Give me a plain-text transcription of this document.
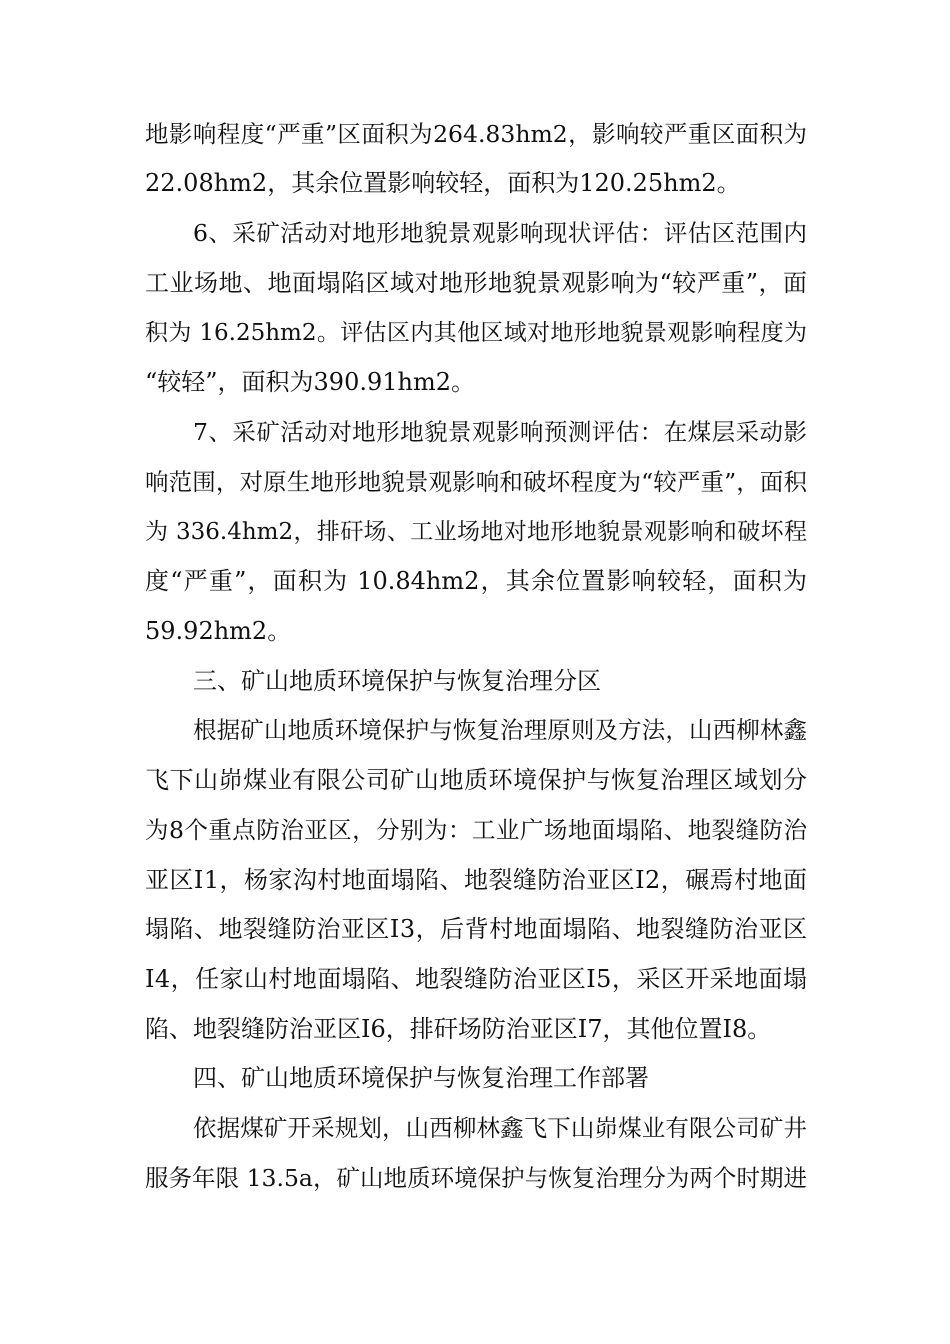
地影响程度“严重”区面积为264.83hm2，影响较严重区面积为
22.08hm2，其余位置影响较轻，面积为120.25hm2。
6、采矿活动对地形地貌景观影响现状评估：评估区范围内
工业场地、地面塌陷区域对地形地貌景观影响为“较严重”，面
积为 16.25hm2。评估区内其他区域对地形地貌景观影响程度为
“较轻”，面积为390.91hm2。
7、采矿活动对地形地貌景观影响预测评估：在煤层采动影
响范围，对原生地形地貌景观影响和破坏程度为“较严重”，面积
为 336.4hm2，排矸场、工业场地对地形地貌景观影响和破坏程
度“严重”，面积为 10.84hm2，其余位置影响较轻，面积为
59.92hm2。
三、矿山地质环境保护与恢复治理分区
根据矿山地质环境保护与恢复治理原则及方法，山西柳林鑫
飞下山峁煤业有限公司矿山地质环境保护与恢复治理区域划分
为8个重点防治亚区，分别为：工业广场地面塌陷、地裂缝防治
亚区Ⅰ1，杨家沟村地面塌陷、地裂缝防治亚区Ⅰ2，碾焉村地面
塌陷、地裂缝防治亚区Ⅰ3，后背村地面塌陷、地裂缝防治亚区
Ⅰ4，任家山村地面塌陷、地裂缝防治亚区Ⅰ5，采区开采地面塌
陷、地裂缝防治亚区Ⅰ6，排矸场防治亚区Ⅰ7，其他位置Ⅰ8。
四、矿山地质环境保护与恢复治理工作部署
依据煤矿开采规划，山西柳林鑫飞下山峁煤业有限公司矿井
服务年限 13.5a，矿山地质环境保护与恢复治理分为两个时期进
